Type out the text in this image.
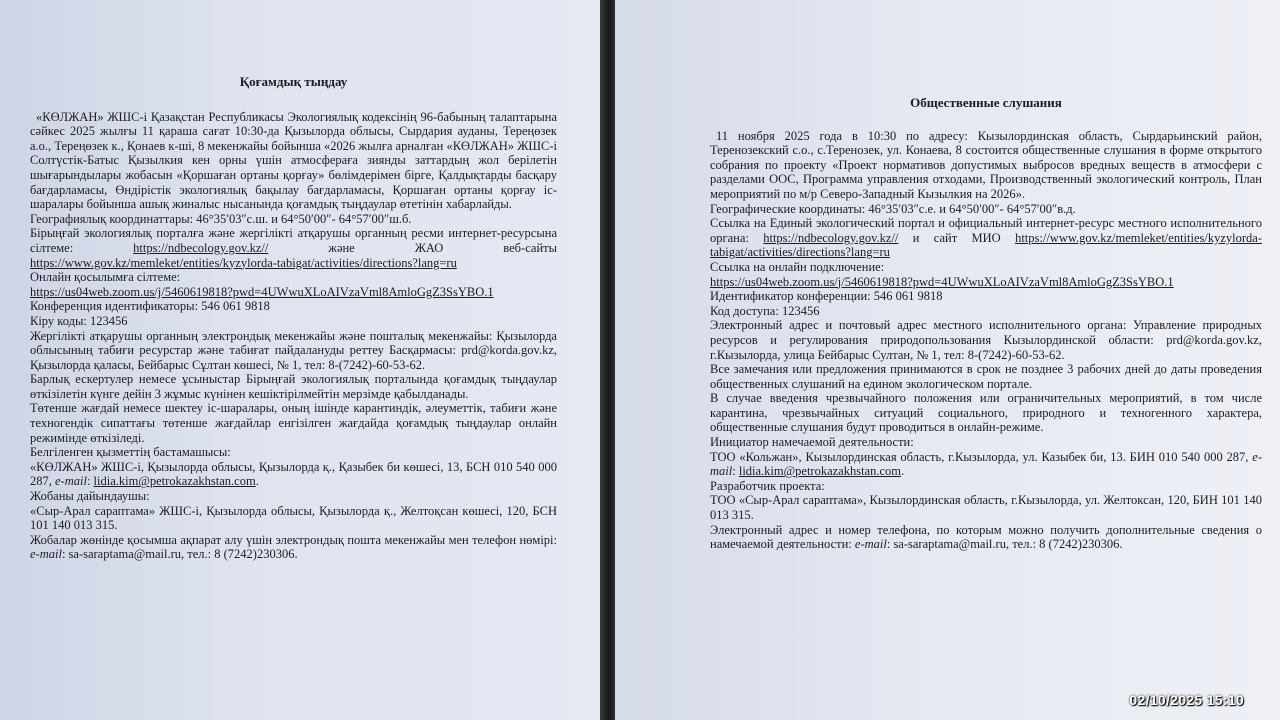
Қоғамдық тыңдау

«КӨЛЖАН» ЖШС-і Қазақстан Республикасы Экологиялық кодексінің 96-бабының талаптарына сәйкес 2025 жылғы 11 қараша сағат 10:30-да Қызылорда облысы, Сырдария ауданы, Тереңөзек а.о., Тереңөзек к., Қонаев к-ші, 8 мекенжайы бойынша «2026 жылға арналған «КӨЛЖАН» ЖШС-і Солтүстік-Батыс Қызылкия кен орны үшін атмосфераға зиянды заттардың жол берілетін шығарындылары жобасын «Қоршаған ортаны қорғау» бөлімдерімен бірге, Қалдықтарды басқару бағдарламасы, Өндірістік экологиялық бақылау бағдарламасы, Қоршаған ортаны қорғау іс-шаралары бойынша ашық жиналыс нысанында қоғамдық тыңдаулар өтетінін хабарлайды.

Географиялық координаттары: 46°35′03″с.ш. и 64°50′00″- 64°57′00″ш.б.

Бірыңғай экологиялық порталға және жергілікті атқарушы органның ресми интернет-ресурсына сілтеме: https://ndbecology.gov.kz// және ЖАО веб-сайты https://www.gov.kz/memleket/entities/kyzylorda-tabigat/activities/directions?lang=ru

Онлайн қосылымға сілтеме:

https://us04web.zoom.us/j/5460619818?pwd=4UWwuXLoAIVzaVml8AmloGgZ3SsYBO.1

Конференция идентификаторы: 546 061 9818

Кіру коды: 123456

Жергілікті атқарушы органның электрондық мекенжайы және пошталық мекенжайы: Қызылорда облысының табиғи ресурстар және табиғат пайдалануды реттеу Басқармасы: prd@korda.gov.kz, Қызылорда қаласы, Бейбарыс Сұлтан көшесі, № 1, тел: 8-(7242)-60-53-62.

Барлық ескертулер немесе ұсыныстар Бірыңғай экологиялық порталында қоғамдық тыңдаулар өткізілетін күнге дейін 3 жұмыс күнінен кешіктірілмейтін мерзімде қабылданады.

Төтенше жағдай немесе шектеу іс-шаралары, оның ішінде карантиндік, әлеуметтік, табиғи және техногендік сипаттағы төтенше жағдайлар енгізілген жағдайда қоғамдық тыңдаулар онлайн режимінде өткізіледі.

Белгіленген қызметтің бастамашысы:

«КӨЛЖАН» ЖШС-і, Қызылорда облысы, Қызылорда қ., Қазыбек би көшесі, 13, БСН 010 540 000 287, e-mail: lidia.kim@petrokazakhstan.com.

Жобаны дайындаушы:

«Сыр-Арал сараптама» ЖШС-і, Қызылорда облысы, Қызылорда қ., Желтоқсан көшесі, 120, БСН 101 140 013 315.

Жобалар жөнінде қосымша ақпарат алу үшін электрондық пошта мекенжайы мен телефон нөмірі: e-mail: sa-saraptama@mail.ru, тел.: 8 (7242)230306.

Общественные слушания

11 ноября 2025 года в 10:30 по адресу: Кызылординская область, Сырдарьинский район, Теренозекский с.о., с.Теренозек, ул. Конаева, 8 состоится общественные слушания в форме открытого собрания по проекту «Проект нормативов допустимых выбросов вредных веществ в атмосфери с разделами ООС, Программа управления отходами, Производственный экологический контроль, План мероприятий по м/р Северо-Западный Кызылкия на 2026».

Географические координаты: 46°35′03″с.е. и 64°50′00″- 64°57′00″в.д.

Ссылка на Единый экологический портал и официальный интернет-ресурс местного исполнительного органа: https://ndbecology.gov.kz// и сайт МИО https://www.gov.kz/memleket/entities/kyzylorda-tabigat/activities/directions?lang=ru

Ссылка на онлайн подключение:

https://us04web.zoom.us/j/5460619818?pwd=4UWwuXLoAIVzaVml8AmloGgZ3SsYBO.1

Идентификатор конференции: 546 061 9818

Код доступа: 123456

Электронный адрес и почтовый адрес местного исполнительного органа: Управление природных ресурсов и регулирования природопользования Кызылординской области: prd@korda.gov.kz, г.Кызылорда, улица Бейбарыс Султан, № 1, тел: 8-(7242)-60-53-62.

Все замечания или предложения принимаются в срок не позднее 3 рабочих дней до даты проведения общественных слушаний на едином экологическом портале.

В случае введения чрезвычайного положения или ограничительных мероприятий, в том числе карантина, чрезвычайных ситуаций социального, природного и техногенного характера, общественные слушания будут проводиться в онлайн-режиме.

Инициатор намечаемой деятельности:

ТОО «Кольжан», Кызылординская область, г.Кызылорда, ул. Казыбек би, 13. БИН 010 540 000 287, e-mail: lidia.kim@petrokazakhstan.com.

Разработчик проекта:

ТОО «Сыр-Арал сараптама», Кызылординская область, г.Кызылорда, ул. Желтоксан, 120, БИН 101 140 013 315.

Электронный адрес и номер телефона, по которым можно получить дополнительные сведения о намечаемой деятельности: e-mail: sa-saraptama@mail.ru, тел.: 8 (7242)230306.

02/10/2025 15:10
